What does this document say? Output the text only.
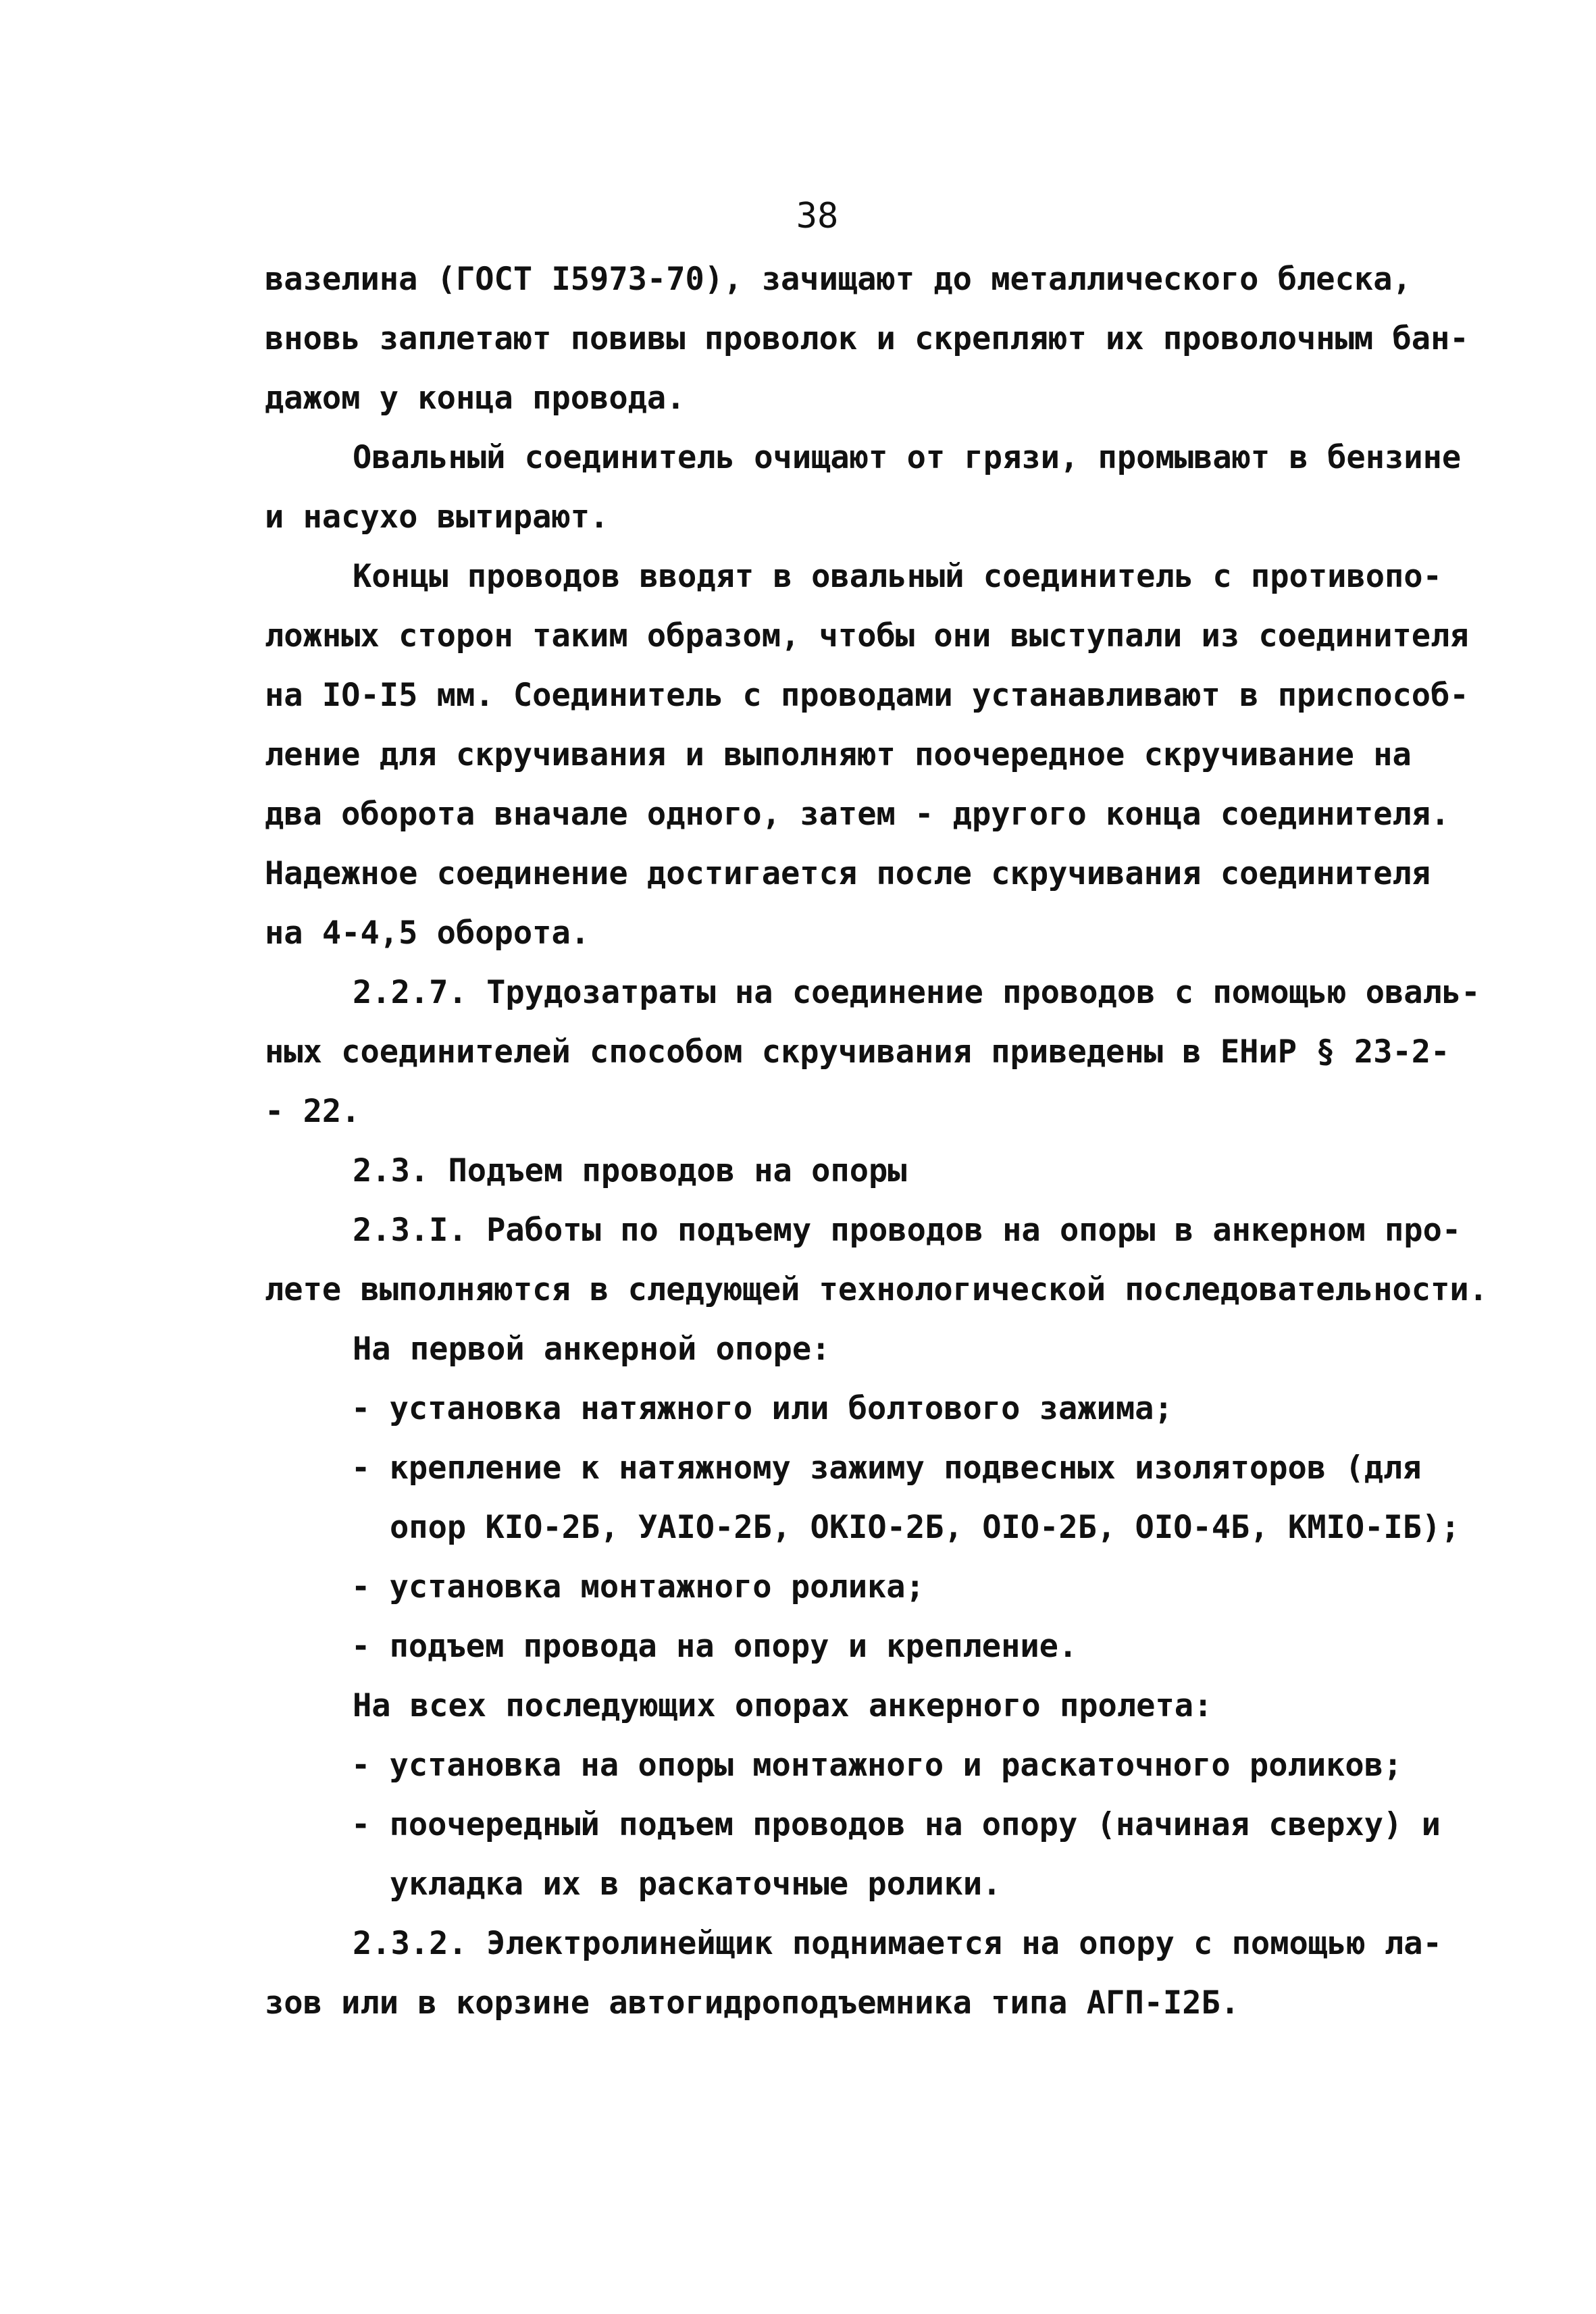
38
вазелина (ГОСТ I5973-70), зачищают до металлического блеска,
вновь заплетают повивы проволок и скрепляют их проволочным бан-
дажом у конца провода.
Овальный соединитель очищают от грязи, промывают в бензине
и насухо вытирают.
Концы проводов вводят в овальный соединитель с противопо-
ложных сторон таким образом, чтобы они выступали из соединителя
на IO-I5 мм. Соединитель с проводами устанавливают в приспособ-
ление для скручивания и выполняют поочередное скручивание на
два оборота вначале одного, затем - другого конца соединителя.
Надежное соединение достигается после скручивания соединителя
на 4-4,5 оборота.
2.2.7. Трудозатраты на соединение проводов с помощью оваль-
ных соединителей способом скручивания приведены в ЕНиР § 23-2-
- 22.
2.3. Подъем проводов на опоры
2.3.I. Работы по подъему проводов на опоры в анкерном про-
лете выполняются в следующей технологической последовательности.
На первой анкерной опоре:
- установка натяжного или болтового зажима;
- крепление к натяжному зажиму подвесных изоляторов (для
опор КIO-2Б, УАIO-2Б, ОКIO-2Б, OIO-2Б, OIO-4Б, КМIO-IБ);
- установка монтажного ролика;
- подъем провода на опору и крепление.
На всех последующих опорах анкерного пролета:
- установка на опоры монтажного и раскаточного роликов;
- поочередный подъем проводов на опору (начиная сверху) и
укладка их в раскаточные ролики.
2.3.2. Электролинейщик поднимается на опору с помощью ла-
зов или в корзине автогидроподъемника типа АГП-I2Б.
